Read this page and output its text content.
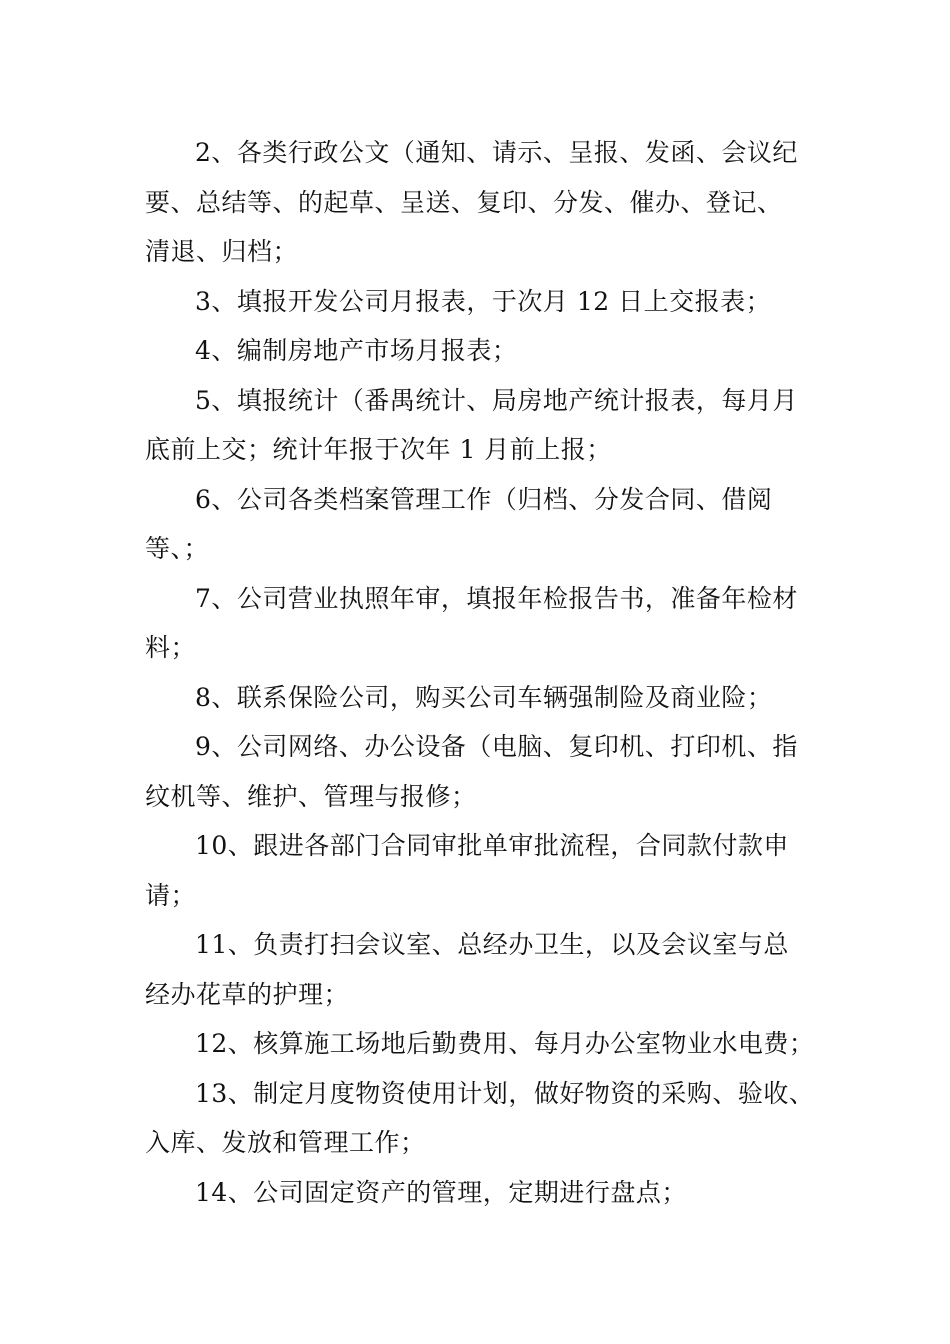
2、各类行政公文（通知、请示、呈报、发函、会议纪
要、总结等、的起草、呈送、复印、分发、催办、登记、
清退、归档；
3、填报开发公司月报表，于次月 12 日上交报表；
4、编制房地产市场月报表；
5、填报统计（番禺统计、局房地产统计报表，每月月
底前上交；统计年报于次年 1 月前上报；
6、公司各类档案管理工作（归档、分发合同、借阅
等、；
7、公司营业执照年审，填报年检报告书，准备年检材
料；
8、联系保险公司，购买公司车辆强制险及商业险；
9、公司网络、办公设备（电脑、复印机、打印机、指
纹机等、维护、管理与报修；
10、跟进各部门合同审批单审批流程，合同款付款申
请；
11、负责打扫会议室、总经办卫生，以及会议室与总
经办花草的护理；
12、核算施工场地后勤费用、每月办公室物业水电费；
13、制定月度物资使用计划，做好物资的采购、验收、
入库、发放和管理工作；
14、公司固定资产的管理，定期进行盘点；
